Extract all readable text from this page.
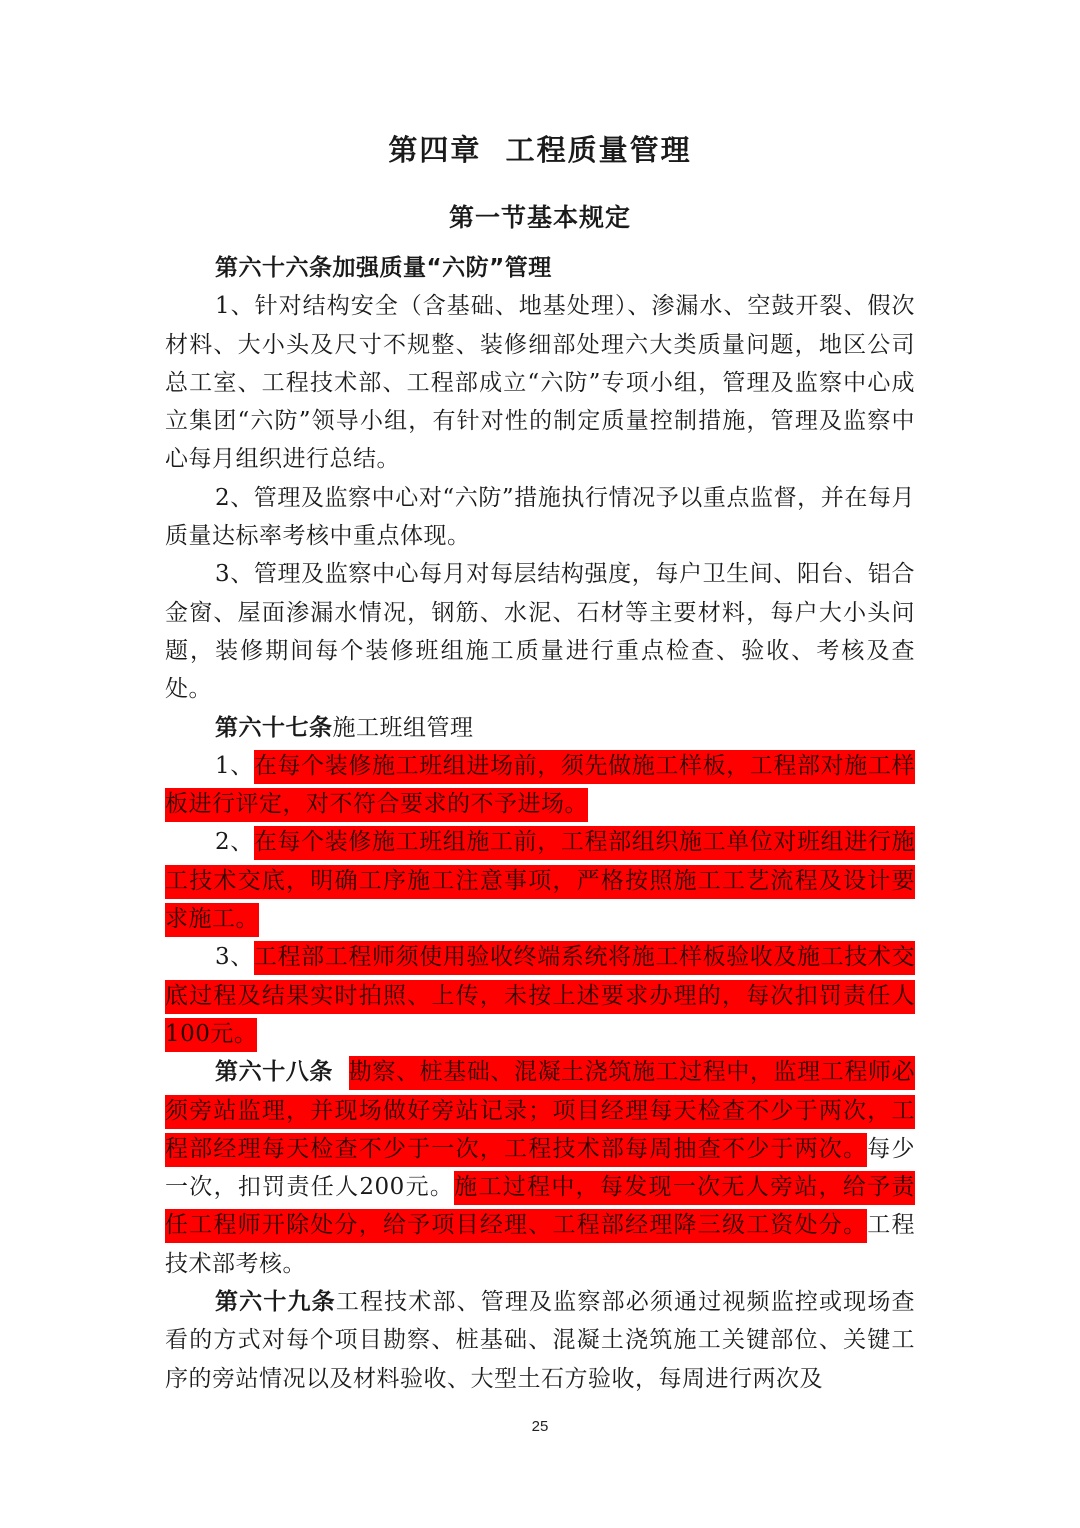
第四章  工程质量管理
第一节基本规定

第六十六条加强质量“六防”管理

1、针对结构安全（含基础、地基处理）、渗漏水、空鼓开裂、假次材料、大小头及尺寸不规整、装修细部处理六大类质量问题，地区公司总工室、工程技术部、工程部成立“六防”专项小组，管理及监察中心成立集团“六防”领导小组，有针对性的制定质量控制措施，管理及监察中心每月组织进行总结。

2、管理及监察中心对“六防”措施执行情况予以重点监督，并在每月质量达标率考核中重点体现。

3、管理及监察中心每月对每层结构强度，每户卫生间、阳台、铝合金窗、屋面渗漏水情况，钢筋、水泥、石材等主要材料，每户大小头问题，装修期间每个装修班组施工质量进行重点检查、验收、考核及查处。

第六十七条施工班组管理

1、在每个装修施工班组进场前，须先做施工样板，工程部对施工样板进行评定，对不符合要求的不予进场。

2、在每个装修施工班组施工前，工程部组织施工单位对班组进行施工技术交底，明确工序施工注意事项，严格按照施工工艺流程及设计要求施工。

3、工程部工程师须使用验收终端系统将施工样板验收及施工技术交底过程及结果实时拍照、上传，未按上述要求办理的，每次扣罚责任人100元。

第六十八条 勘察、桩基础、混凝土浇筑施工过程中，监理工程师必须旁站监理，并现场做好旁站记录；项目经理每天检查不少于两次，工程部经理每天检查不少于一次，工程技术部每周抽查不少于两次。每少一次，扣罚责任人200元。施工过程中，每发现一次无人旁站，给予责任工程师开除处分，给予项目经理、工程部经理降三级工资处分。工程技术部考核。

第六十九条工程技术部、管理及监察部必须通过视频监控或现场查看的方式对每个项目勘察、桩基础、混凝土浇筑施工关键部位、关键工序的旁站情况以及材料验收、大型土石方验收，每周进行两次及

25
